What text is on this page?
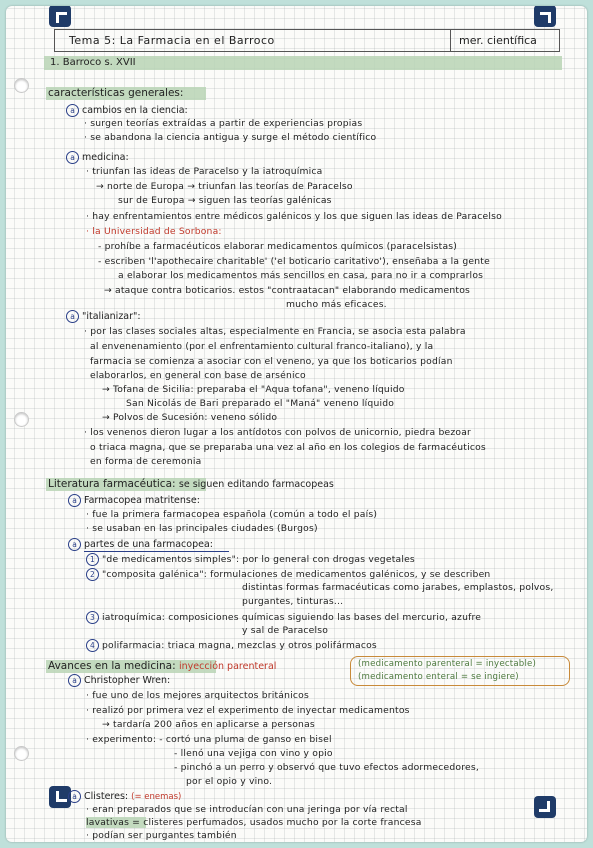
Tema 5: La Farmacia en el Barroco	mer. científica
1. Barroco s. XVII
características generales:
a cambios en la ciencia:
· surgen teorías extraídas a partir de experiencias propias
· se abandona la ciencia antigua y surge el método científico
a medicina:
· triunfan las ideas de Paracelso y la iatroquímica
→ norte de Europa → triunfan las teorías de Paracelso
sur de Europa → siguen las teorías galénicas
· hay enfrentamientos entre médicos galénicos y los que siguen las ideas de Paracelso
· la Universidad de Sorbona:
- prohíbe a farmacéuticos elaborar medicamentos químicos (paracelsistas)
- escriben 'l'apothecaire charitable' ('el boticario caritativo'), enseñaba a la gente
a elaborar los medicamentos más sencillos en casa, para no ir a comprarlos
→ ataque contra boticarios. estos "contraatacan" elaborando medicamentos
mucho más eficaces.
a "italianizar":
· por las clases sociales altas, especialmente en Francia, se asocia esta palabra
al envenenamiento (por el enfrentamiento cultural franco-italiano), y la
farmacia se comienza a asociar con el veneno, ya que los boticarios podían
elaborarlos, en general con base de arsénico
→ Tofana de Sicilia: preparaba el "Aqua tofana", veneno líquido
San Nicolás de Bari preparado el "Maná" veneno líquido
→ Polvos de Sucesión: veneno sólido
· los venenos dieron lugar a los antídotos con polvos de unicornio, piedra bezoar
o triaca magna, que se preparaba una vez al año en los colegios de farmacéuticos
en forma de ceremonia
Literatura farmacéutica: se siguen editando farmacopeas
a Farmacopea matritense:
· fue la primera farmacopea española (común a todo el país)
· se usaban en las principales ciudades (Burgos)
a partes de una farmacopea:
1 "de medicamentos simples": por lo general con drogas vegetales
2 "composita galénica": formulaciones de medicamentos galénicos, y se describen
distintas formas farmacéuticas como jarabes, emplastos, polvos,
purgantes, tinturas...
3 iatroquímica: composiciones químicas siguiendo las bases del mercurio, azufre
y sal de Paracelso
4 polifarmacia: triaca magna, mezclas y otros polifármacos
Avances en la medicina: inyección parenteral	(medicamento parenteral = inyectable)
(medicamento enteral = se ingiere)
a Christopher Wren:
· fue uno de los mejores arquitectos británicos
· realizó por primera vez el experimento de inyectar medicamentos
→ tardaría 200 años en aplicarse a personas
· experimento: - cortó una pluma de ganso en bisel
- llenó una vejiga con vino y opio
- pinchó a un perro y observó que tuvo efectos adormecedores,
por el opio y vino.
a Clisteres: (= enemas)
· eran preparados que se introducían con una jeringa por vía rectal
lavativas = clisteres perfumados, usados mucho por la corte francesa
· podían ser purgantes también
